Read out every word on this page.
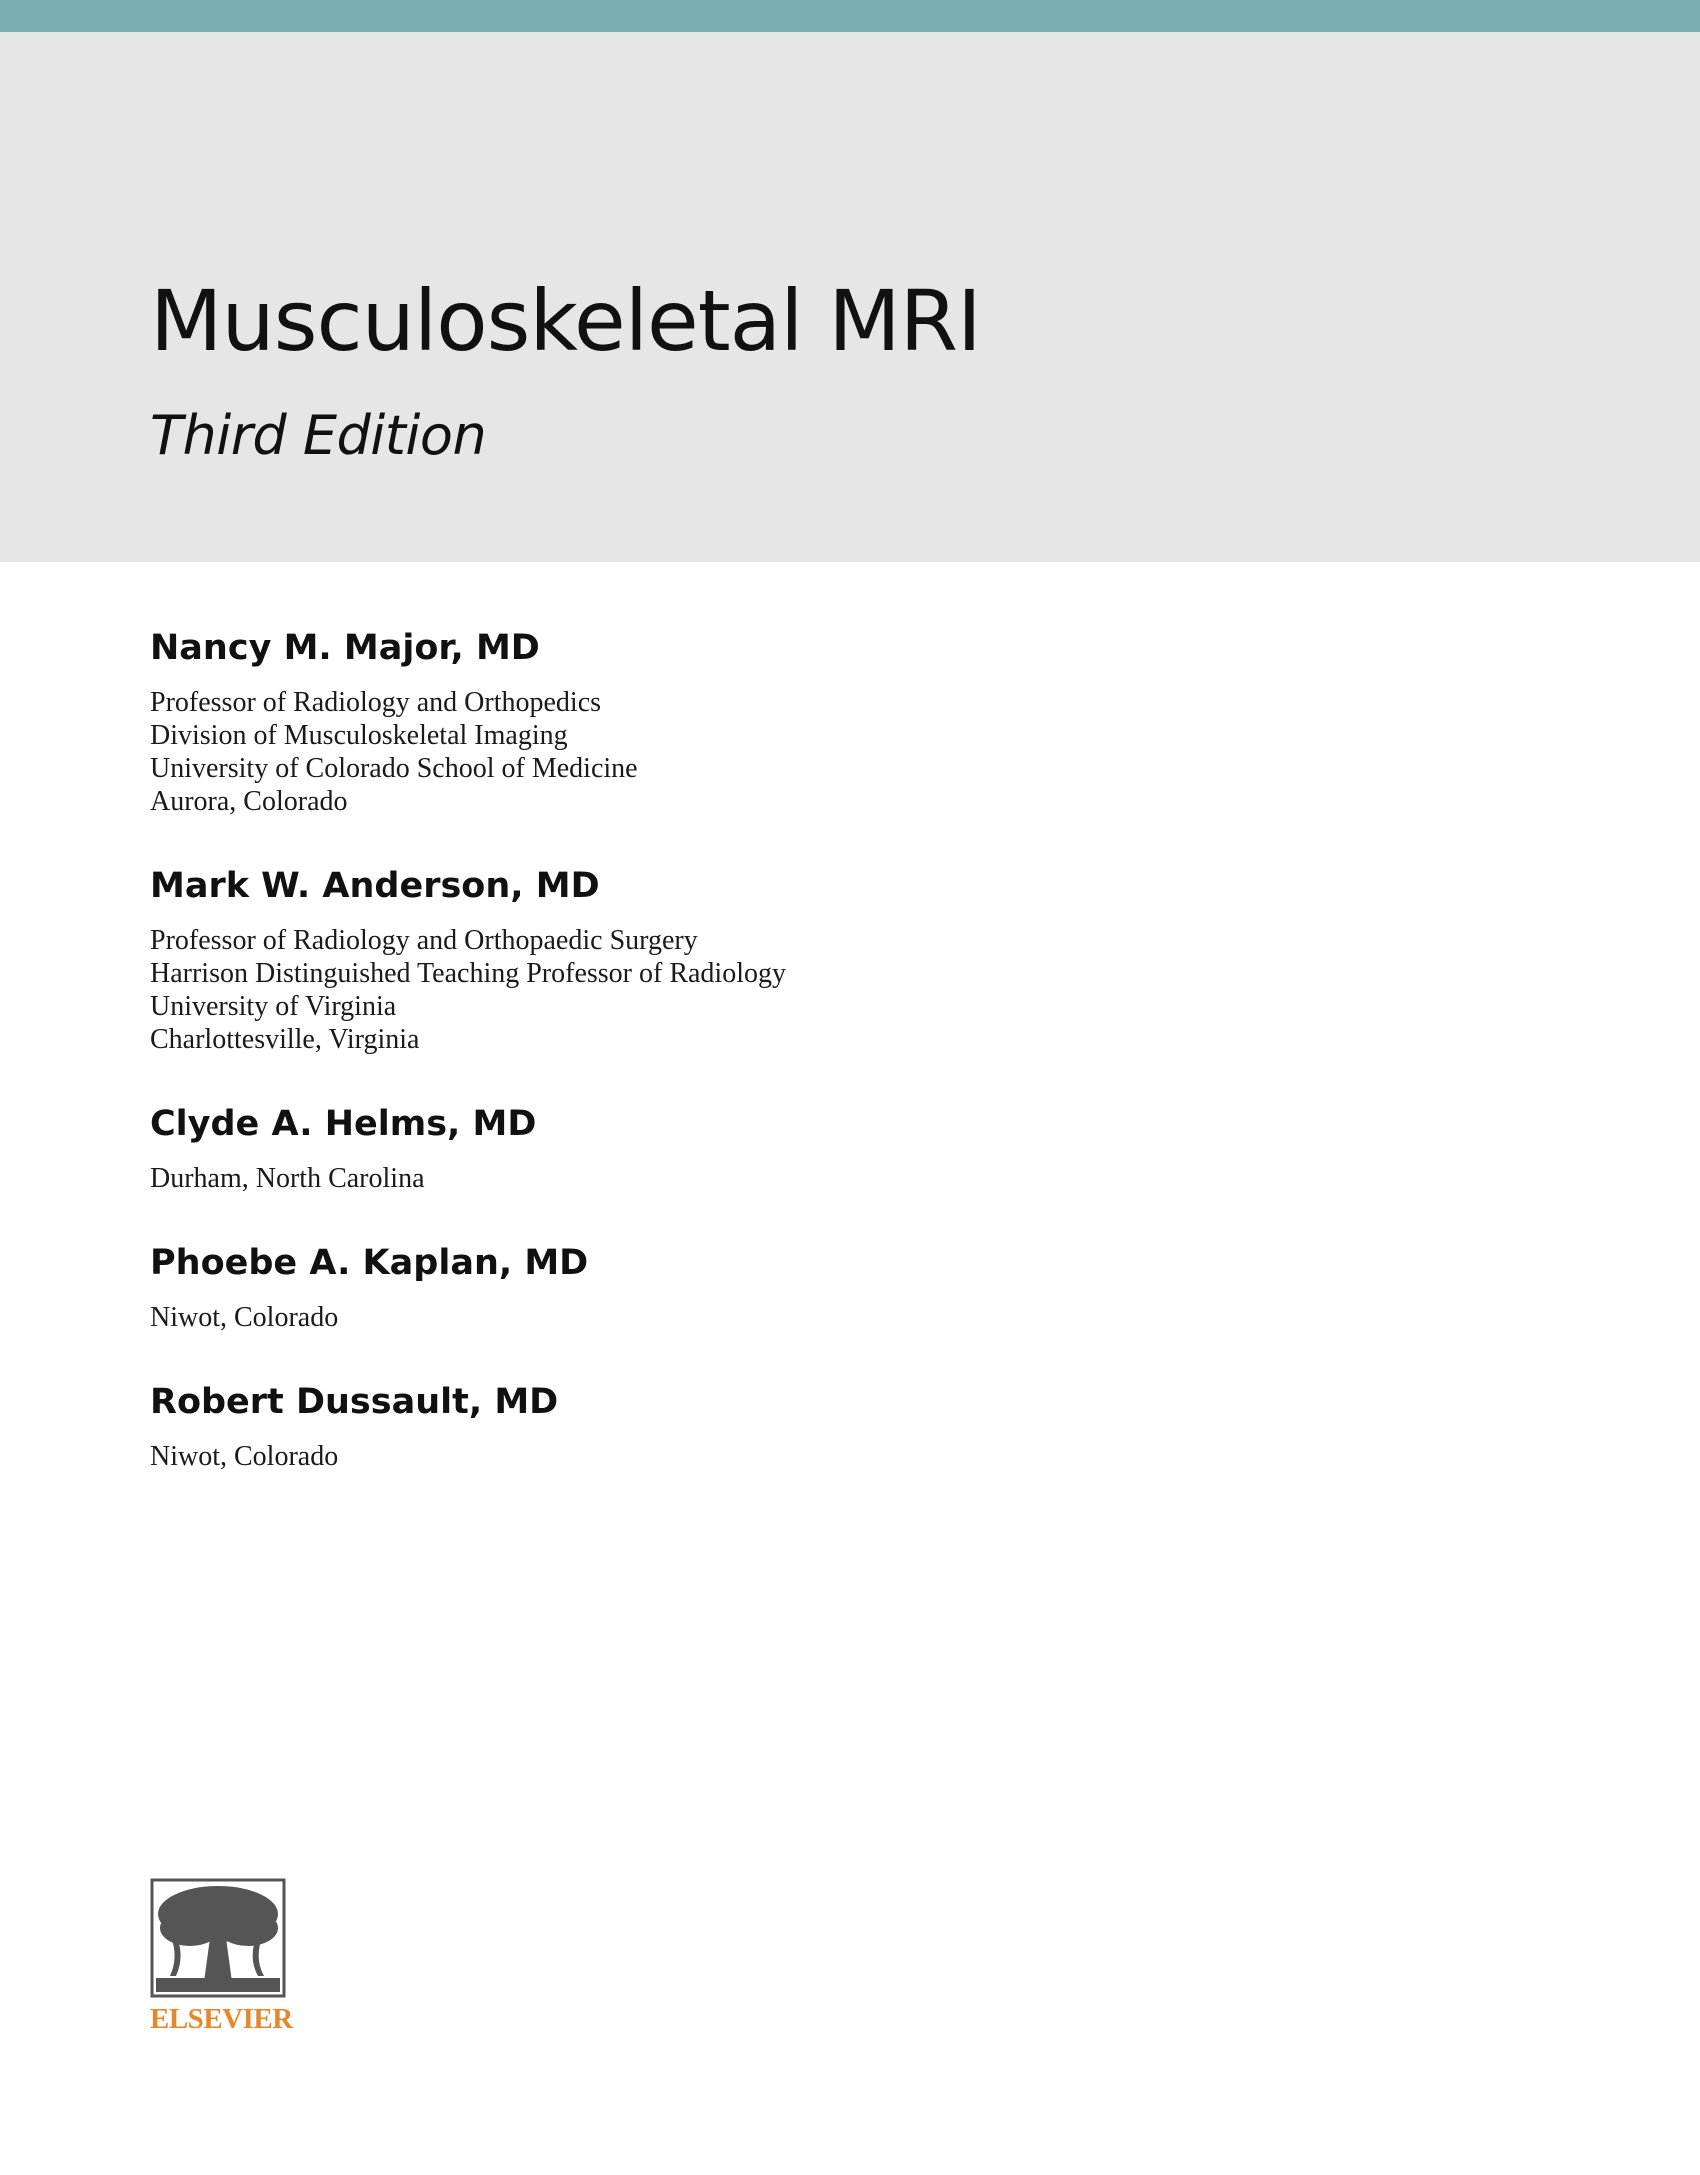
Musculoskeletal MRI
Third Edition
Nancy M. Major, MD
Professor of Radiology and Orthopedics
Division of Musculoskeletal Imaging
University of Colorado School of Medicine
Aurora, Colorado
Mark W. Anderson, MD
Professor of Radiology and Orthopaedic Surgery
Harrison Distinguished Teaching Professor of Radiology
University of Virginia
Charlottesville, Virginia
Clyde A. Helms, MD
Durham, North Carolina
Phoebe A. Kaplan, MD
Niwot, Colorado
Robert Dussault, MD
Niwot, Colorado
ELSEVIER
